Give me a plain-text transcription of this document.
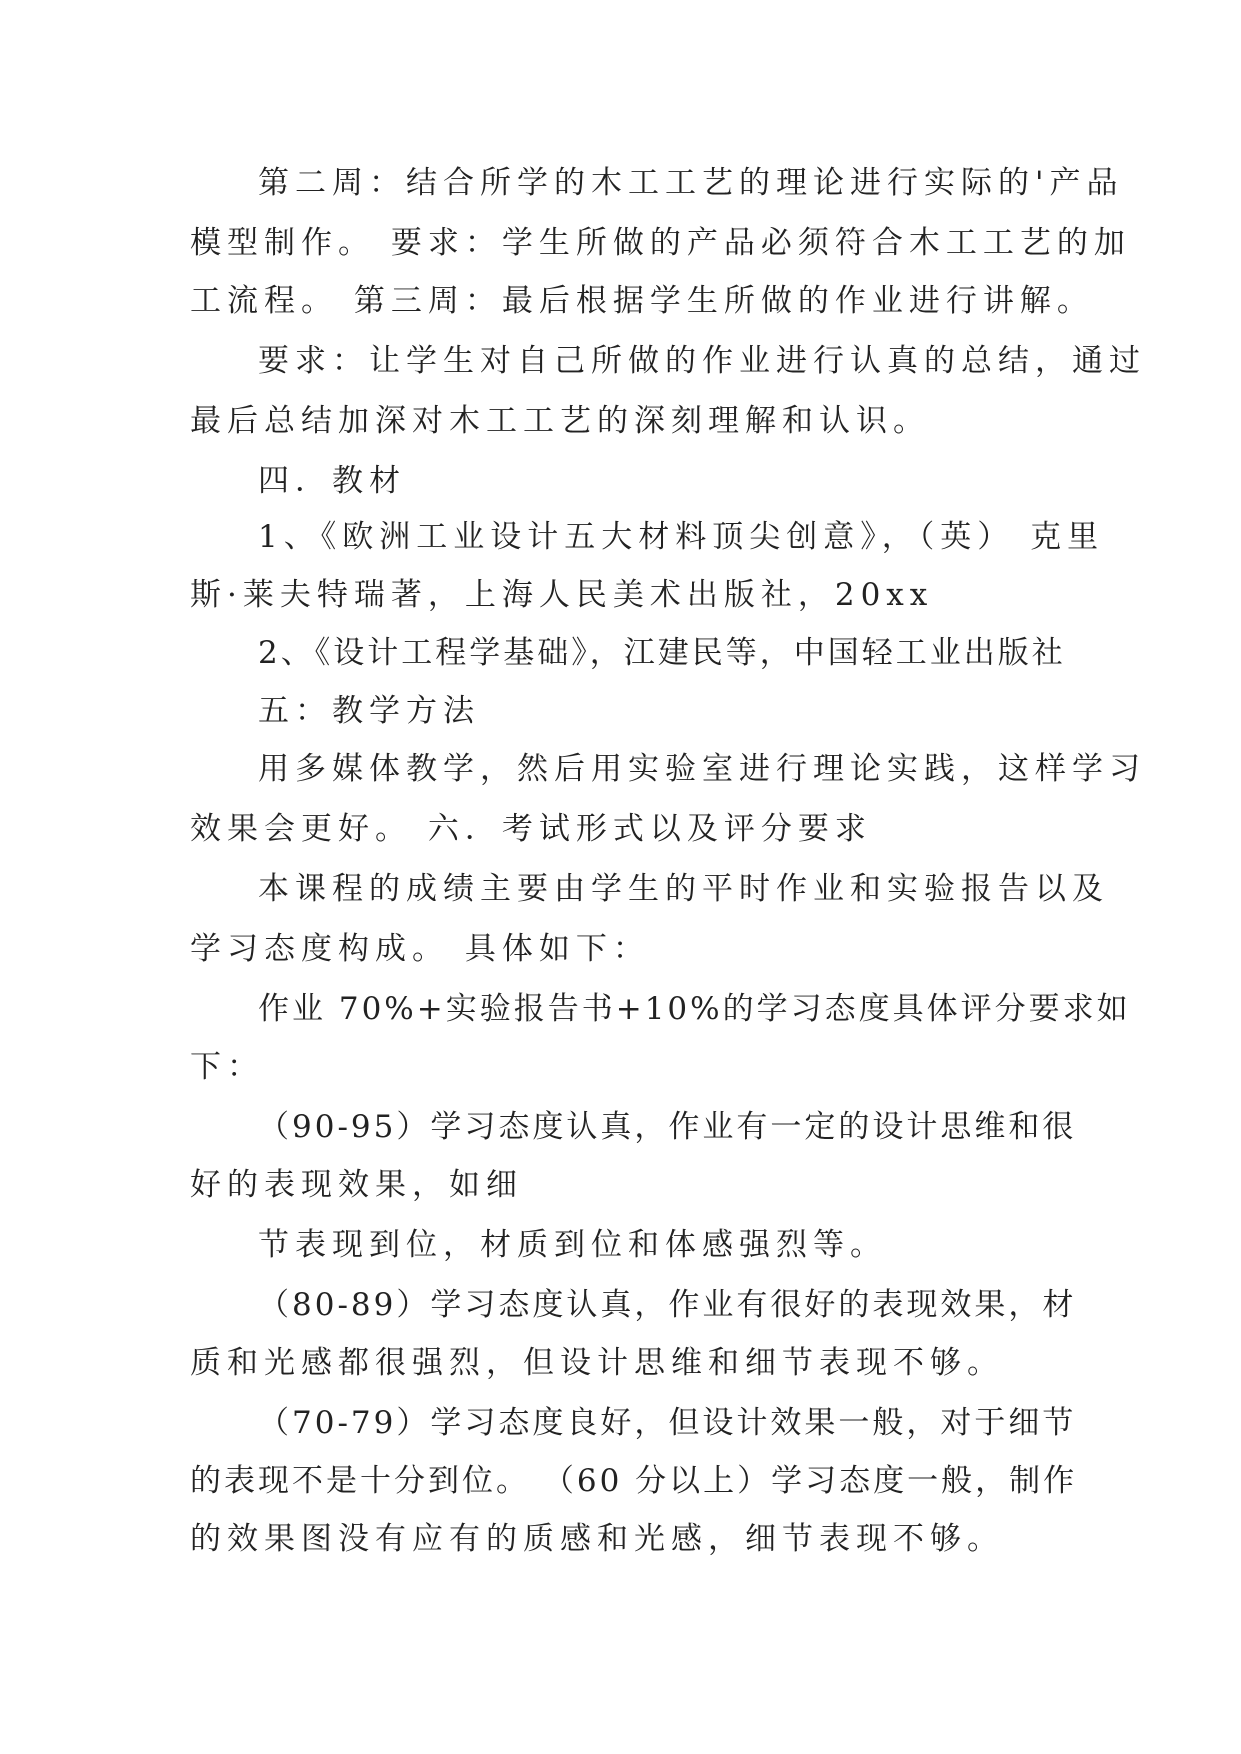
第二周：结合所学的木工工艺的理论进行实际的'产品
模型制作。 要求：学生所做的产品必须符合木工工艺的加
工流程。 第三周：最后根据学生所做的作业进行讲解。
要求：让学生对自己所做的作业进行认真的总结，通过
最后总结加深对木工工艺的深刻理解和认识。
四．教材
1、《欧洲工业设计五大材料顶尖创意》，（英） 克里
斯·莱夫特瑞著，上海人民美术出版社，20xx
2、《设计工程学基础》，江建民等，中国轻工业出版社
五：教学方法
用多媒体教学，然后用实验室进行理论实践，这样学习
效果会更好。 六．考试形式以及评分要求
本课程的成绩主要由学生的平时作业和实验报告以及
学习态度构成。 具体如下：
作业 70%+实验报告书+10%的学习态度具体评分要求如
下：
（90-95）学习态度认真，作业有一定的设计思维和很
好的表现效果，如细
节表现到位，材质到位和体感强烈等。
（80-89）学习态度认真，作业有很好的表现效果，材
质和光感都很强烈，但设计思维和细节表现不够。
（70-79）学习态度良好，但设计效果一般，对于细节
的表现不是十分到位。 （60 分以上）学习态度一般，制作
的效果图没有应有的质感和光感，细节表现不够。
